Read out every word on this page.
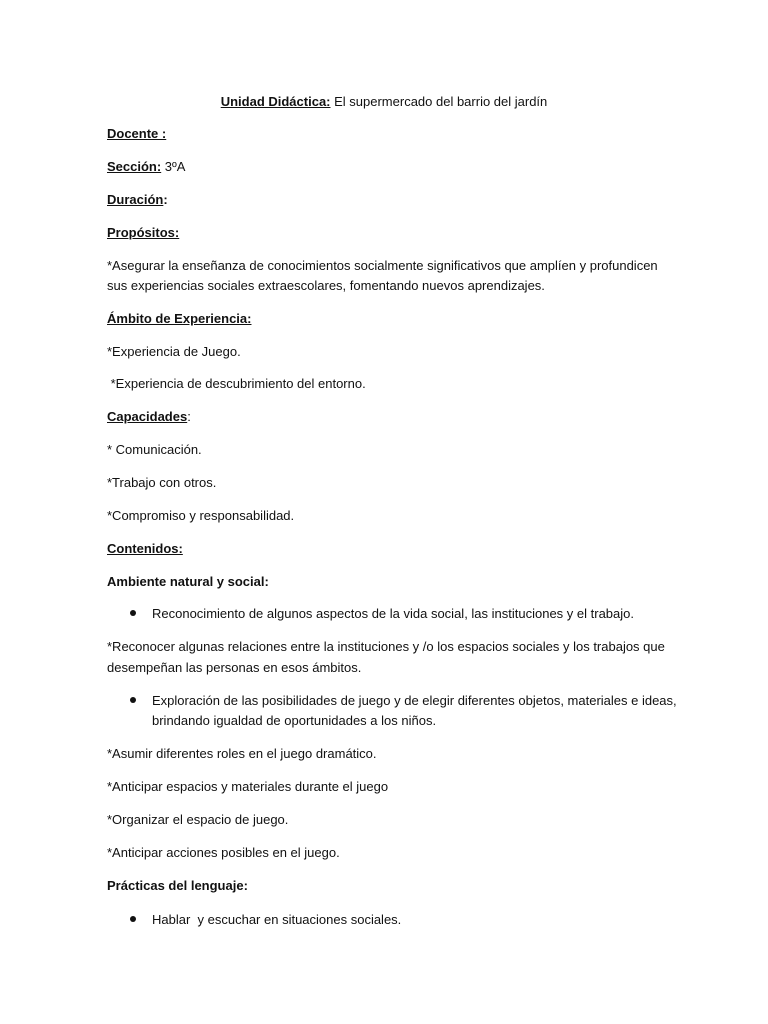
Unidad Didáctica: El supermercado del barrio del jardín
Docente :
Sección: 3ºA
Duración:
Propósitos:
*Asegurar la enseñanza de conocimientos socialmente significativos que amplíen y profundicen
sus experiencias sociales extraescolares, fomentando nuevos aprendizajes.
Ámbito de Experiencia:
*Experiencia de Juego.
*Experiencia de descubrimiento del entorno.
Capacidades:
* Comunicación.
*Trabajo con otros.
*Compromiso y responsabilidad.
Contenidos:
Ambiente natural y social:
Reconocimiento de algunos aspectos de la vida social, las instituciones y el trabajo.
*Reconocer algunas relaciones entre la instituciones y /o los espacios sociales y los trabajos que
desempeñan las personas en esos ámbitos.
Exploración de las posibilidades de juego y de elegir diferentes objetos, materiales e ideas,
brindando igualdad de oportunidades a los niños.
*Asumir diferentes roles en el juego dramático.
*Anticipar espacios y materiales durante el juego
*Organizar el espacio de juego.
*Anticipar acciones posibles en el juego.
Prácticas del lenguaje:
Hablar  y escuchar en situaciones sociales.
